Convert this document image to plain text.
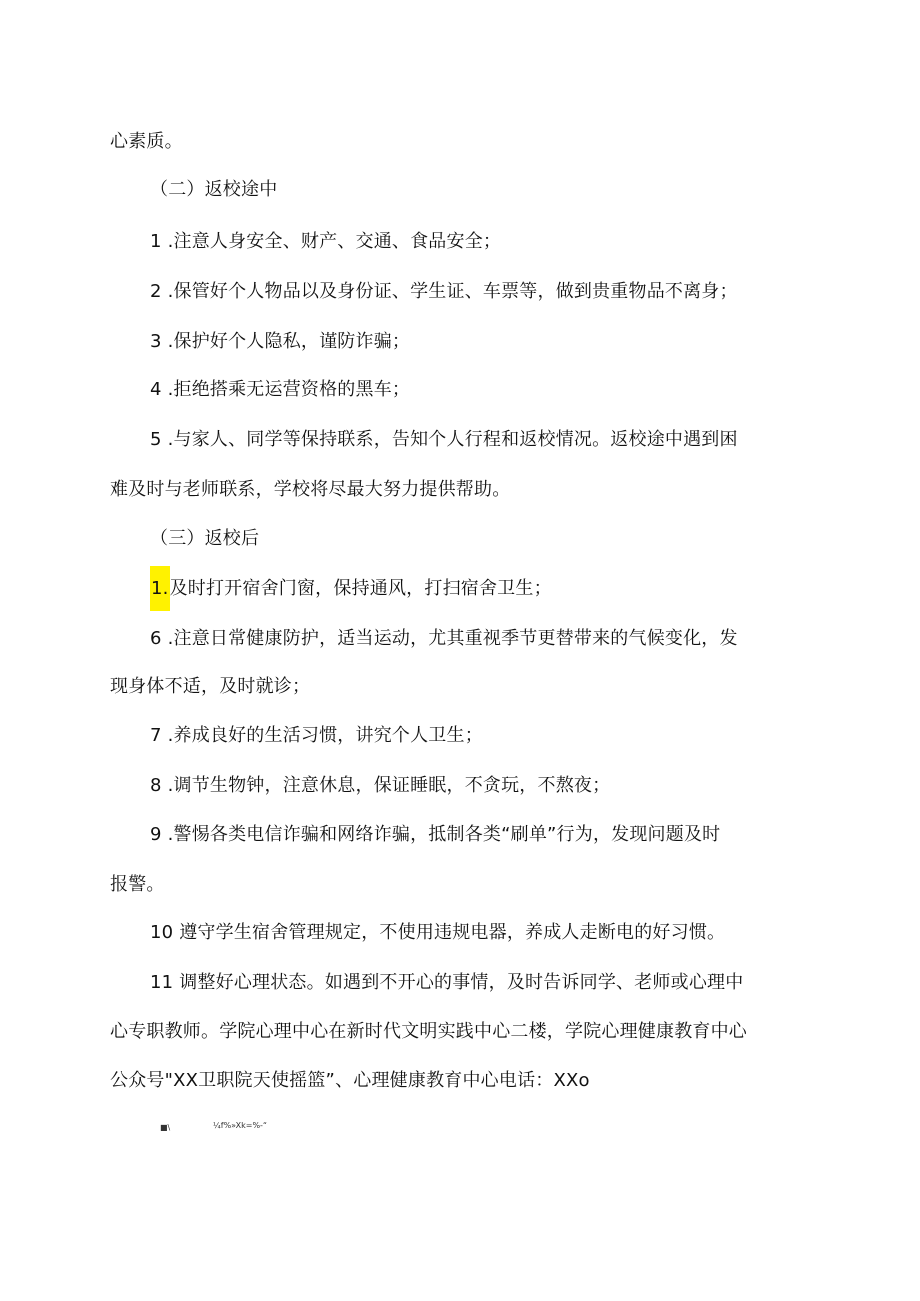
心素质。
（二）返校途中
1 .注意人身安全、财产、交通、食品安全；
2 .保管好个人物品以及身份证、学生证、车票等，做到贵重物品不离身；
3 .保护好个人隐私，谨防诈骗；
4 .拒绝搭乘无运营资格的黑车；
5 .与家人、同学等保持联系，告知个人行程和返校情况。返校途中遇到困
难及时与老师联系，学校将尽最大努力提供帮助。
（三）返校后
1.及时打开宿舍门窗，保持通风，打扫宿舍卫生；
6 .注意日常健康防护，适当运动，尤其重视季节更替带来的气候变化，发
现身体不适，及时就诊；
7 .养成良好的生活习惯，讲究个人卫生；
8 .调节生物钟，注意休息，保证睡眠，不贪玩，不熬夜；
9 .警惕各类电信诈骗和网络诈骗，抵制各类“刷单”行为，发现问题及时
报警。
10 遵守学生宿舍管理规定，不使用违规电器，养成人走断电的好习惯。
11 调整好心理状态。如遇到不开心的事情，及时告诉同学、老师或心理中
心专职教师。学院心理中心在新时代文明实践中心二楼，学院心理健康教育中心
公众号"XX卫职院天使摇篮”、心理健康教育中心电话：XXo
■\	¼f%»Xk=%-“
